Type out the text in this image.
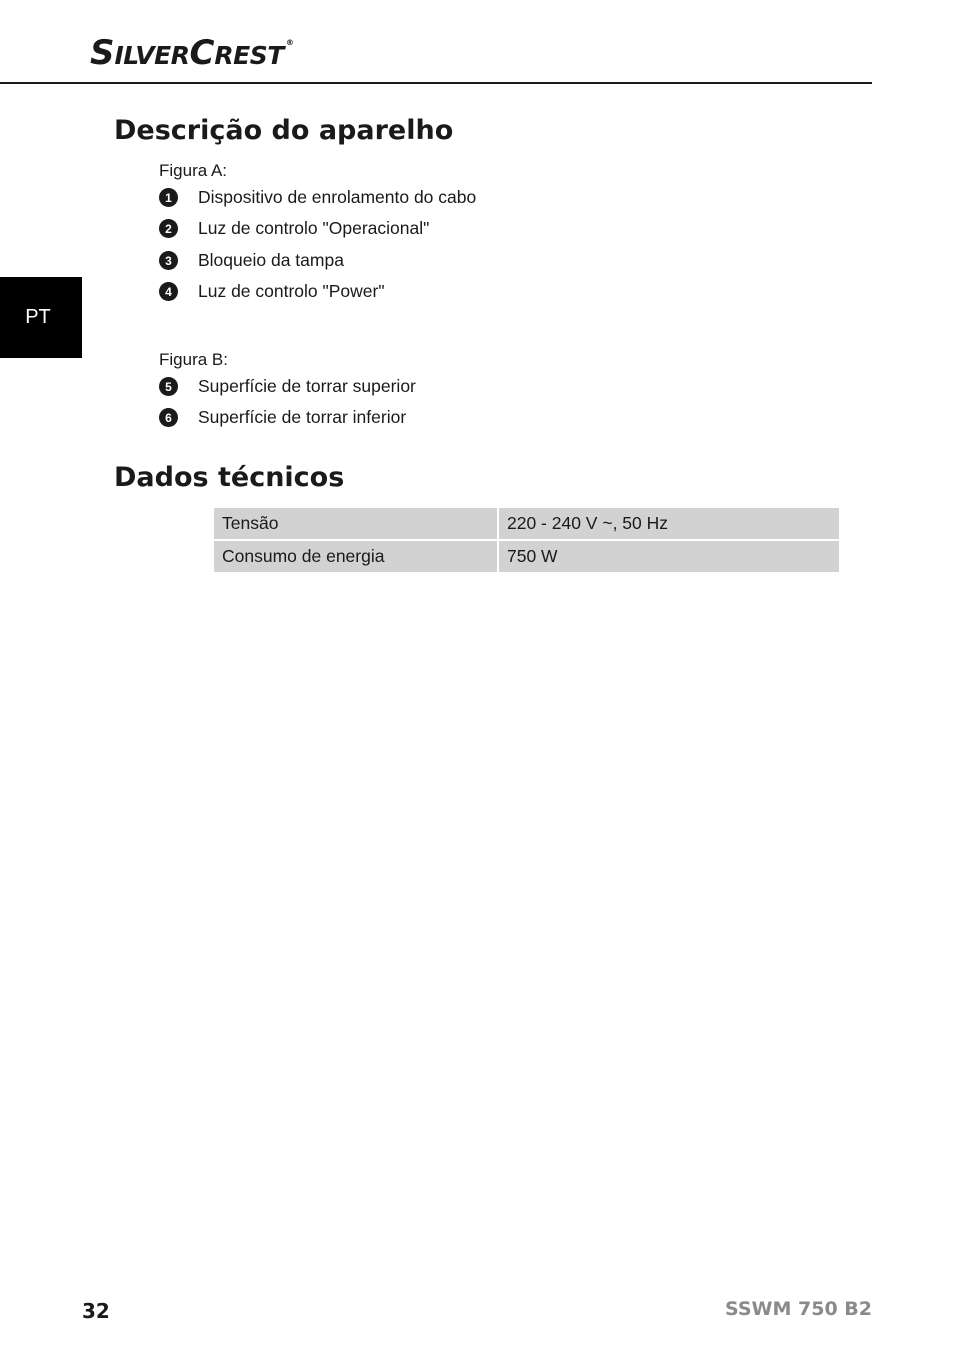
SILVERCREST ®
PT
Descrição do aparelho
Figura A:
1	Dispositivo de enrolamento do cabo
2	Luz de controlo "Operacional"
3	Bloqueio da tampa
4	Luz de controlo "Power"
Figura B:
5	Superfície de torrar superior
6	Superfície de torrar inferior
Dados técnicos
Tensão	220 - 240 V ~, 50 Hz
Consumo de energia	750 W
32	SSWM 750 B2
